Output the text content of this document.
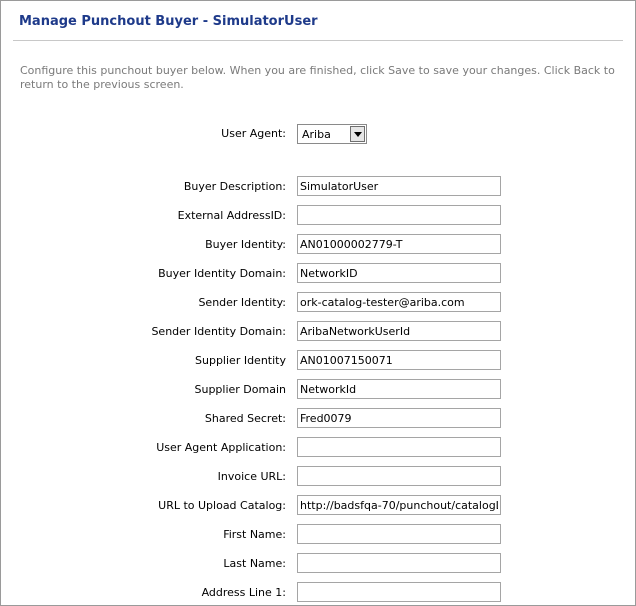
Manage Punchout Buyer - SimulatorUser

Configure this punchout buyer below. When you are finished, click Save to save your changes. Click Back to return to the previous screen.

User Agent: Ariba
Buyer Description:
SimulatorUser
External AddressID:
Buyer Identity:
AN01000002779-T
Buyer Identity Domain:
NetworkID
Sender Identity:
ork-catalog-tester@ariba.com
Sender Identity Domain:
AribaNetworkUserId
Supplier Identity
AN01007150071
Supplier Domain
NetworkId
Shared Secret:
Fred0079
User Agent Application:
Invoice URL:
URL to Upload Catalog:
http://badsfqa-70/punchout/catalogLaunch
First Name:
Last Name:
Address Line 1:
